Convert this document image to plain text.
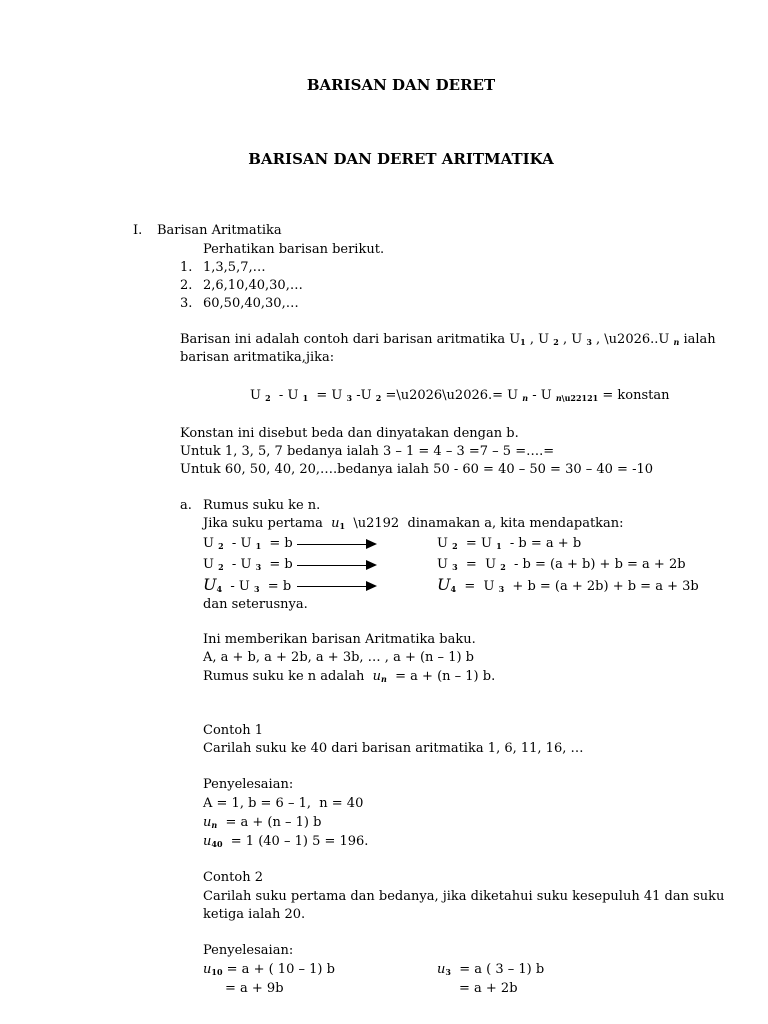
BARISAN DAN DERET
BARISAN DAN DERET ARITMATIKA
I. Barisan Aritmatika
Perhatikan barisan berikut.
1. 1,3,5,7,…
2. 2,6,10,40,30,…
3. 60,50,40,30,…
Barisan ini adalah contoh dari barisan aritmatika $U_1$ , U $_2$ , U $_3$ , \u2026..U $_n$ ialah
barisan aritmatika,jika:
U $_2$  - U $_1$  = U $_3$ -U $_2$ =\u2026\u2026.= U $_n$ - U $_{n\backslash u22121}$ = konstan
Konstan ini disebut beda dan dinyatakan dengan b.
Untuk 1, 3, 5, 7 bedanya ialah 3 – 1 = 4 – 3 =7 – 5 =….=
Untuk 60, 50, 40, 20,….bedanya ialah 50 - 60 = 40 – 50 = 30 – 40 = -10
a. Rumus suku ke n.
Jika suku pertama $u_1$  \u2192  dinamakan a, kita mendapatkan:
U $_2$  - U $_1$  = b	U $_2$  = U $_1$ - b = a + b
U $_2$  - U $_3$  = b	U $_3$  =  U $_2$ - b = (a + b) + b = a + 2b
$U_4$  - U $_3$  = b	$U_4 = U$ $_3$ + b = (a + 2b) + b = a + 3b
dan seterusnya.
Ini memberikan barisan Aritmatika baku.
A, a + b, a + 2b, a + 3b, … , a + (n – 1) b
Rumus suku ke n adalah $u_n = a + (n - 1)$ b.
Contoh 1
Carilah suku ke 40 dari barisan aritmatika 1, 6, 11, 16, …
Penyelesaian:
A = 1, b = 6 – 1,  n = 40
$u_n = a + (n - 1)$ b
$u_{40} = 1$ (40 – 1) 5 = 196.
Contoh 2
Carilah suku pertama dan bedanya, jika diketahui suku kesepuluh 41 dan suku
ketiga ialah 20.
Penyelesaian:
$u_{10} = a$ + ( 10 – 1) b	$u_3 = a$ ( 3 – 1) b
= a + 9b	= a + 2b
